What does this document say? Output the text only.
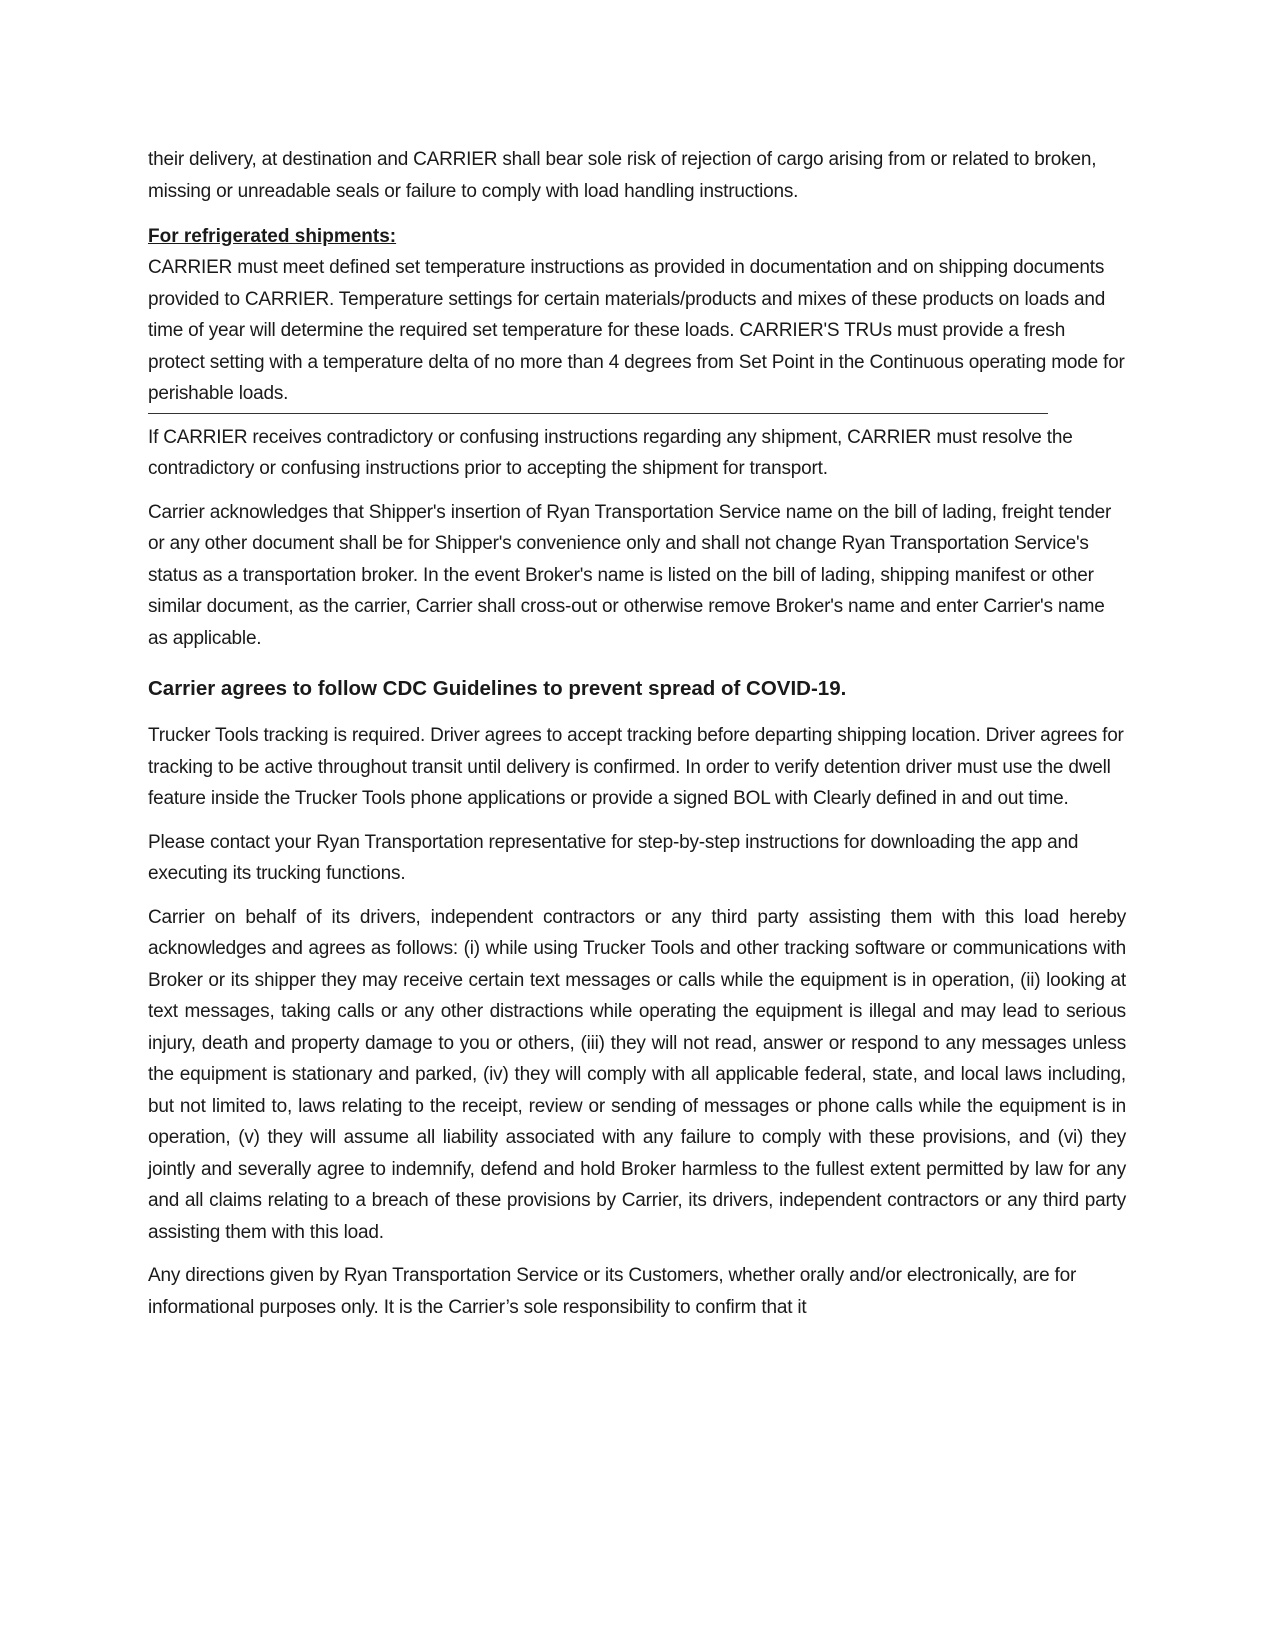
their delivery, at destination and CARRIER shall bear sole risk of rejection of cargo arising from or related to broken, missing or unreadable seals or failure to comply with load handling instructions.

For refrigerated shipments:

CARRIER must meet defined set temperature instructions as provided in documentation and on shipping documents provided to CARRIER. Temperature settings for certain materials/products and mixes of these products on loads and time of year will determine the required set temperature for these loads. CARRIER'S TRUs must provide a fresh protect setting with a temperature delta of no more than 4 degrees from Set Point in the Continuous operating mode for perishable loads.

If CARRIER receives contradictory or confusing instructions regarding any shipment, CARRIER must resolve the contradictory or confusing instructions prior to accepting the shipment for transport.

Carrier acknowledges that Shipper's insertion of Ryan Transportation Service name on the bill of lading, freight tender or any other document shall be for Shipper's convenience only and shall not change Ryan Transportation Service's status as a transportation broker. In the event Broker's name is listed on the bill of lading, shipping manifest or other similar document, as the carrier, Carrier shall cross-out or otherwise remove Broker's name and enter Carrier's name as applicable.

Carrier agrees to follow CDC Guidelines to prevent spread of COVID-19.

Trucker Tools tracking is required. Driver agrees to accept tracking before departing shipping location. Driver agrees for tracking to be active throughout transit until delivery is confirmed. In order to verify detention driver must use the dwell feature inside the Trucker Tools phone applications or provide a signed BOL with Clearly defined in and out time.

Please contact your Ryan Transportation representative for step-by-step instructions for downloading the app and executing its trucking functions.

Carrier on behalf of its drivers, independent contractors or any third party assisting them with this load hereby acknowledges and agrees as follows: (i) while using Trucker Tools and other tracking software or communications with Broker or its shipper they may receive certain text messages or calls while the equipment is in operation, (ii) looking at text messages, taking calls or any other distractions while operating the equipment is illegal and may lead to serious injury, death and property damage to you or others, (iii) they will not read, answer or respond to any messages unless the equipment is stationary and parked, (iv) they will comply with all applicable federal, state, and local laws including, but not limited to, laws relating to the receipt, review or sending of messages or phone calls while the equipment is in operation, (v) they will assume all liability associated with any failure to comply with these provisions, and (vi) they jointly and severally agree to indemnify, defend and hold Broker harmless to the fullest extent permitted by law for any and all claims relating to a breach of these provisions by Carrier, its drivers, independent contractors or any third party assisting them with this load.

Any directions given by Ryan Transportation Service or its Customers, whether orally and/or electronically, are for informational purposes only. It is the Carrier’s sole responsibility to confirm that it
